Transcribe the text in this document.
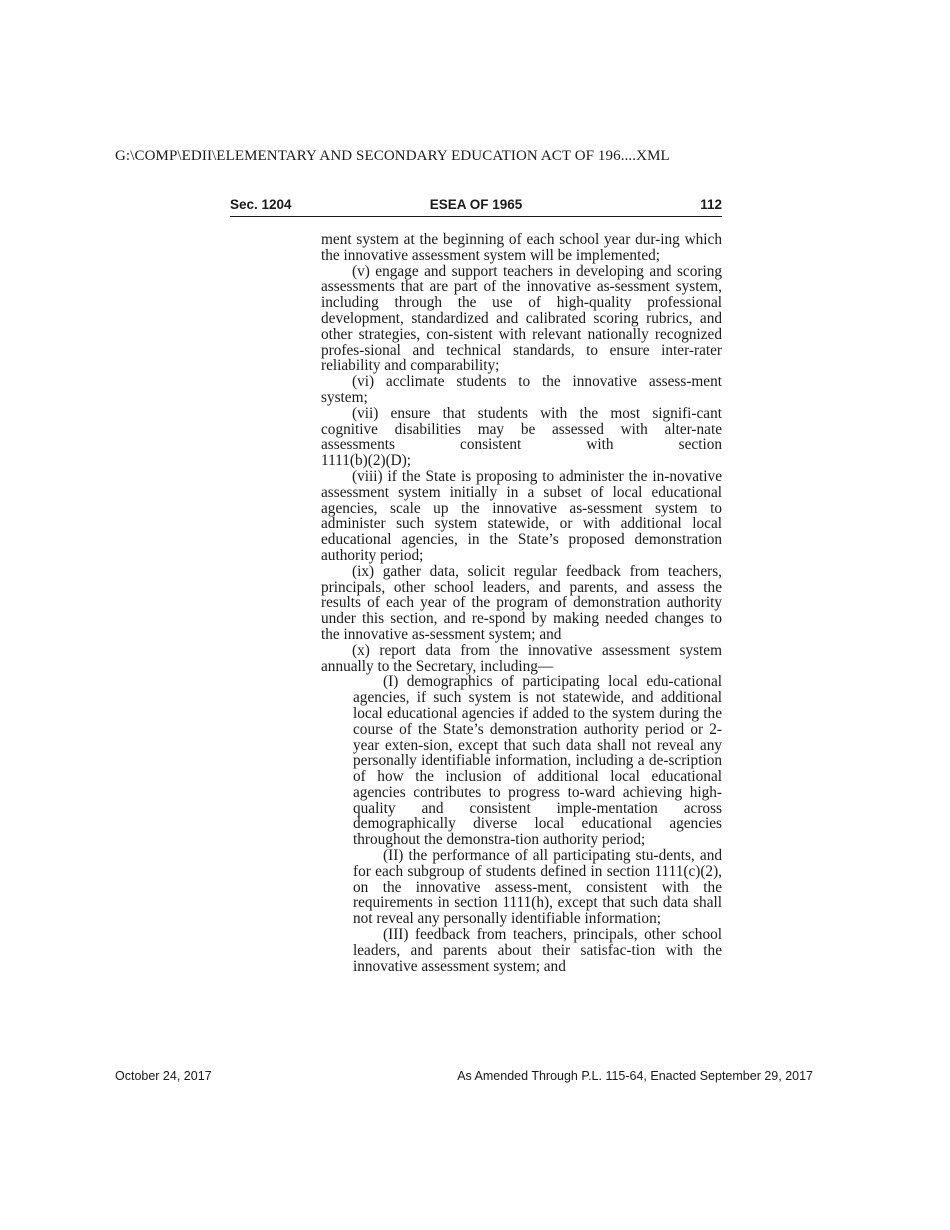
G:\COMP\EDII\ELEMENTARY AND SECONDARY EDUCATION ACT OF 196....XML
ESEA OF 1965
Sec. 1204	112

ment system at the beginning of each school year dur-ing which the innovative assessment system will be implemented;

(v) engage and support teachers in developing and scoring assessments that are part of the innovative as-sessment system, including through the use of high-quality professional development, standardized and calibrated scoring rubrics, and other strategies, con-sistent with relevant nationally recognized profes-sional and technical standards, to ensure inter-rater reliability and comparability;

(vi) acclimate students to the innovative assess-ment system;

(vii) ensure that students with the most signifi-cant cognitive disabilities may be assessed with alter-nate assessments consistent with section

1111(b)(2)(D);

(viii) if the State is proposing to administer the in-novative assessment system initially in a subset of local educational agencies, scale up the innovative as-sessment system to administer such system statewide, or with additional local educational agencies, in the State’s proposed demonstration authority period;

(ix) gather data, solicit regular feedback from teachers, principals, other school leaders, and parents, and assess the results of each year of the program of demonstration authority under this section, and re-spond by making needed changes to the innovative as-sessment system; and

(x) report data from the innovative assessment system annually to the Secretary, including—

(I) demographics of participating local edu-cational agencies, if such system is not statewide, and additional local educational agencies if added to the system during the course of the State’s demonstration authority period or 2-year exten-sion, except that such data shall not reveal any personally identifiable information, including a de-scription of how the inclusion of additional local educational agencies contributes to progress to-ward achieving high-quality and consistent imple-mentation across demographically diverse local educational agencies throughout the demonstra-tion authority period;

(II) the performance of all participating stu-dents, and for each subgroup of students defined in section 1111(c)(2), on the innovative assess-ment, consistent with the requirements in section 1111(h), except that such data shall not reveal any personally identifiable information;

(III) feedback from teachers, principals, other school leaders, and parents about their satisfac-tion with the innovative assessment system; and

October 24, 2017	As Amended Through P.L. 115-64, Enacted September 29, 2017
